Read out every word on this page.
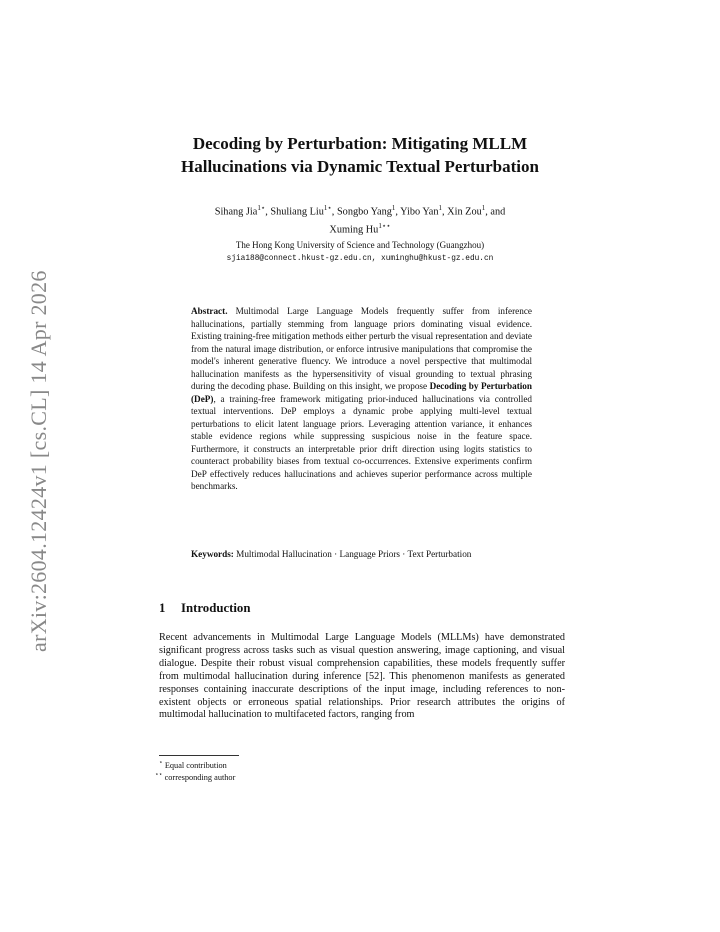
arXiv:2604.12424v1 [cs.CL] 14 Apr 2026
Decoding by Perturbation: Mitigating MLLM
Hallucinations via Dynamic Textual Perturbation
Sihang Jia$^{1⋆}$, Shuliang Liu$^{1⋆}$, Songbo Yang$^1$, Yibo Yan$^1$, Xin Zou$^1$, and
Xuming $Hu^{1⋆⋆}$
The Hong Kong University of Science and Technology (Guangzhou)
sjia188@connect.hkust-gz.edu.cn, xuminghu@hkust-gz.edu.cn
Abstract. Multimodal Large Language Models frequently suffer from inference hallucinations, partially stemming from language priors dominating visual evidence. Existing training-free mitigation methods either perturb the visual representation and deviate from the natural image distribution, or enforce intrusive manipulations that compromise the model's inherent generative fluency. We introduce a novel perspective that multimodal hallucination manifests as the hypersensitivity of visual grounding to textual phrasing during the decoding phase. Building on this insight, we propose Decoding by Perturbation (DeP), a training-free framework mitigating prior-induced hallucinations via controlled textual interventions. DeP employs a dynamic probe applying multi-level textual perturbations to elicit latent language priors. Leveraging attention variance, it enhances stable evidence regions while suppressing suspicious noise in the feature space. Furthermore, it constructs an interpretable prior drift direction using logits statistics to counteract probability biases from textual co-occurrences. Extensive experiments confirm DeP effectively reduces hallucinations and achieves superior performance across multiple benchmarks.
Keywords: Multimodal Hallucination · Language Priors · Text Perturbation
1 Introduction
Recent advancements in Multimodal Large Language Models (MLLMs) have demonstrated significant progress across tasks such as visual question answering, image captioning, and visual dialogue. Despite their robust visual comprehension capabilities, these models frequently suffer from multimodal hallucination during inference [52]. This phenomenon manifests as generated responses containing inaccurate descriptions of the input image, including references to non-existent objects or erroneous spatial relationships. Prior research attributes the origins of multimodal hallucination to multifaceted factors, ranging from
⋆ Equal contribution
⋆⋆ corresponding author
